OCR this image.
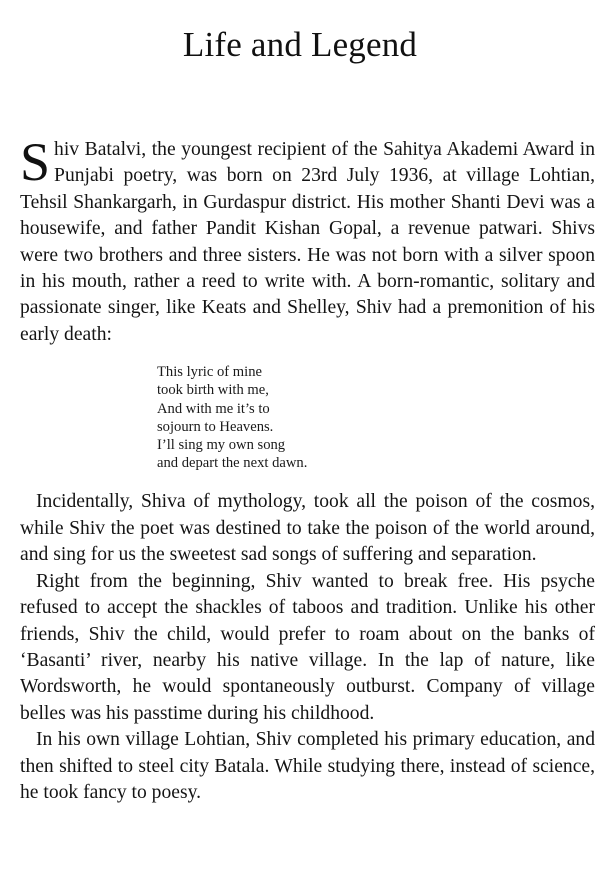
Life and Legend

Shiv Batalvi, the youngest recipient of the Sahitya Akademi Award in Punjabi poetry, was born on 23rd July 1936, at village Lohtian, Tehsil Shankargarh, in Gurdaspur district. His mother Shanti Devi was a housewife, and father Pandit Kishan Gopal, a revenue patwari. Shivs were two brothers and three sisters. He was not born with a silver spoon in his mouth, rather a reed to write with. A born-romantic, solitary and passionate singer, like Keats and Shelley, Shiv had a premonition of his early death:

This lyric of mine
took birth with me,
And with me it’s to
sojourn to Heavens.
I’ll sing my own song
and depart the next dawn.

Incidentally, Shiva of mythology, took all the poison of the cosmos, while Shiv the poet was destined to take the poison of the world around, and sing for us the sweetest sad songs of suffering and separation.

Right from the beginning, Shiv wanted to break free. His psyche refused to accept the shackles of taboos and tradition. Unlike his other friends, Shiv the child, would prefer to roam about on the banks of ‘Basanti’ river, nearby his native village. In the lap of nature, like Wordsworth, he would spontaneously outburst. Company of village belles was his passtime during his childhood.

In his own village Lohtian, Shiv completed his primary education, and then shifted to steel city Batala. While studying there, instead of science, he took fancy to poesy.
